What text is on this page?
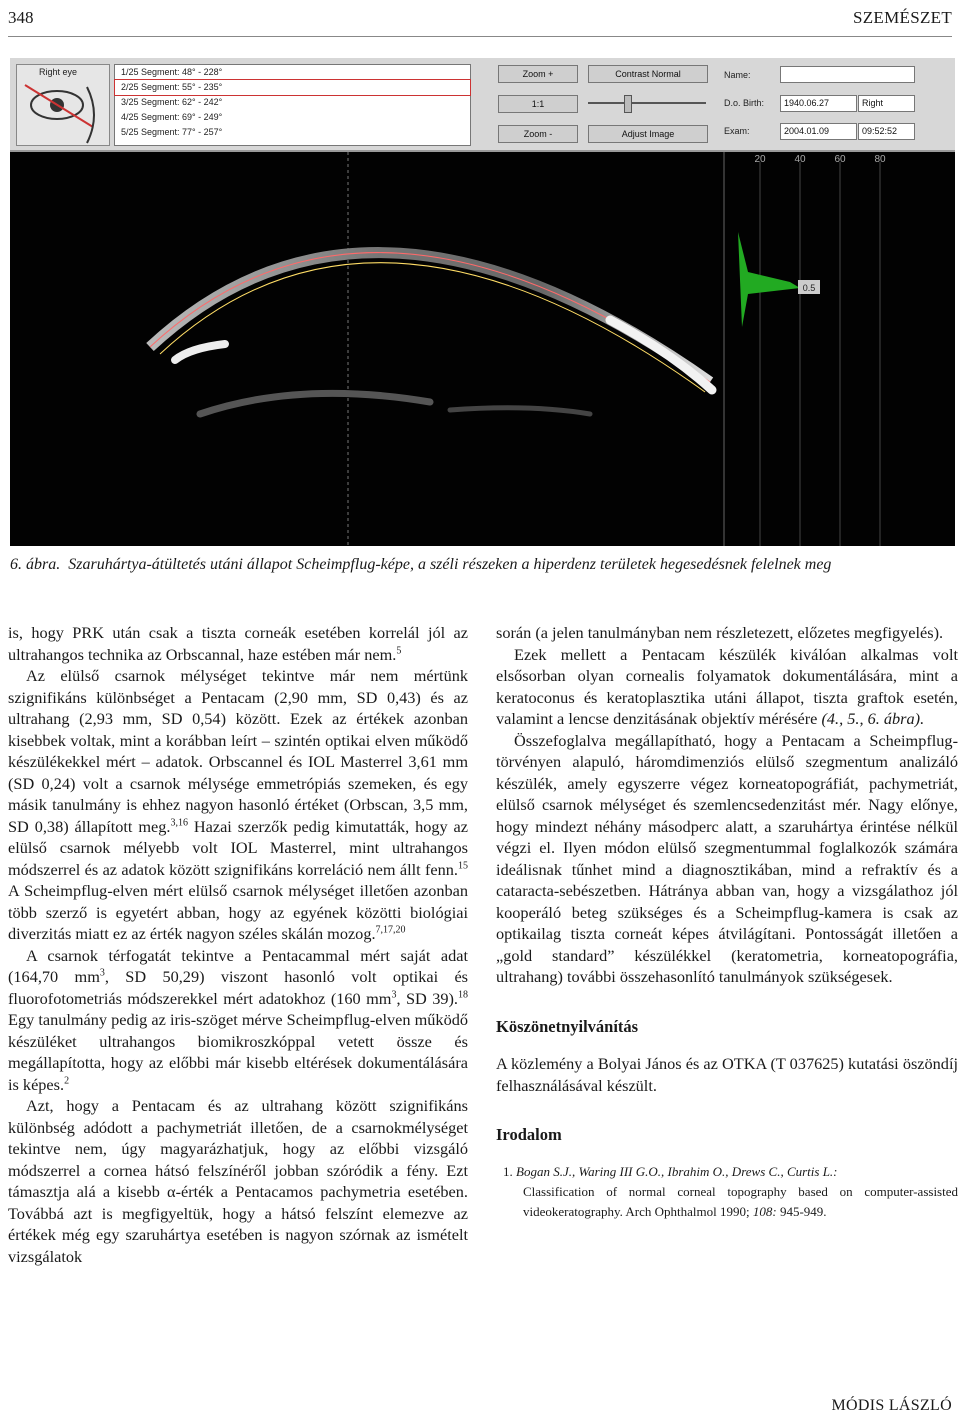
348	SZEMÉSZET
Right eye	1/25 Segment: 48° - 228°
2/25 Segment: 55° - 235°
3/25 Segment: 62° - 242°
4/25 Segment: 69° - 249°
5/25 Segment: 77° - 257°
Zoom +
1:1
Zoom -
Contrast Normal
Adjust Image
Name:
D.o. Birth:	1940.06.27	Right
Exam:	2004.01.09	09:52:52
20	40	60	80
0.5
6. ábra. Szaruhártya-átültetés utáni állapot Scheimpflug-képe, a széli részeken a hiperdenz területek hegesedésnek felelnek meg

is, hogy PRK után csak a tiszta corneák esetében korrelál jól az ultrahangos technika az Orbscannal, haze estében már nem.$^5$

Az elülső csarnok mélységet tekintve már nem mértünk szignifikáns különbséget a Pentacam (2,90 mm, SD 0,43) és az ultrahang (2,93 mm, SD 0,54) között. Ezek az értékek azonban kisebbek voltak, mint a korábban leírt – szintén optikai elven működő készülékekkel mért – adatok. Orbscannel és IOL Masterrel 3,61 mm (SD 0,24) volt a csarnok mélysége emmetrópiás szemeken, és egy másik tanulmány is ehhez nagyon hasonló értéket (Orbscan, 3,5 mm, SD 0,38) állapított meg.$^{3,16}$ Hazai szerzők pedig kimutatták, hogy az elülső csarnok mélyebb volt IOL Masterrel, mint ultrahangos módszerrel és az adatok között szignifikáns korreláció nem állt fenn.$^{15}$ A Scheimpflug-elven mért elülső csarnok mélységet illetően azonban több szerző is egyetért abban, hogy az egyének közötti biológiai diverzitás miatt ez az érték nagyon széles skálán mozog.$^{7,17,20}$

A csarnok térfogatát tekintve a Pentacammal mért saját adat (164,70 $mm^3$, SD 50,29) viszont hasonló volt optikai és fluorofotometriás módszerekkel mért adatokhoz (160 $mm^3$, SD 39).$^{18}$ Egy tanulmány pedig az iris-szöget mérve Scheimpflug-elven működő készüléket ultrahangos biomikroszkóppal vetett össze és megállapította, hogy az előbbi már kisebb eltérések dokumentálására is képes.$^2$

Azt, hogy a Pentacam és az ultrahang között szignifikáns különbség adódott a pachymetriát illetően, de a csarnokmélységet tekintve nem, úgy magyarázhatjuk, hogy az előbbi vizsgáló módszerrel a cornea hátsó felszínéről jobban szóródik a fény. Ezt támasztja alá a kisebb α-érték a Pentacamos pachymetria esetében. Továbbá azt is megfigyeltük, hogy a hátsó felszínt elemezve az értékek még egy szaruhártya esetében is nagyon szórnak az ismételt vizsgálatok

során (a jelen tanulmányban nem részletezett, előzetes megfigyelés).

Ezek mellett a Pentacam készülék kiválóan alkalmas volt elsősorban olyan cornealis folyamatok dokumentálására, mint a keratoconus és keratoplasztika utáni állapot, tiszta graftok esetén, valamint a lencse denzitásának objektív mérésére (4., 5., 6. ábra).

Összefoglalva megállapítható, hogy a Pentacam a Scheimpflug-törvényen alapuló, háromdimenziós elülső szegmentum analizáló készülék, amely egyszerre végez korneatopográfiát, pachymetriát, elülső csarnok mélységet és szemlencsedenzitást mér. Nagy előnye, hogy mindezt néhány másodperc alatt, a szaruhártya érintése nélkül végzi el. Ilyen módon elülső szegmentummal foglalkozók számára ideálisnak tűnhet mind a diagnosztikában, mind a refraktív és a cataracta-sebészetben. Hátránya abban van, hogy a vizsgálathoz jól kooperáló beteg szükséges és a Scheimpflug-kamera is csak az optikailag tiszta corneát képes átvilágítani. Pontosságát illetően a „gold standard” készülékkel (keratometria, korneatopográfia, ultrahang) további összehasonlító tanulmányok szükségesek.

Köszönetnyilvánítás

A közlemény a Bolyai János és az OTKA (T 037625) kutatási öszöndíj felhasználásával készült.

Irodalom
1. Bogan S.J., Waring III G.O., Ibrahim O., Drews C., Curtis L.:
Classification of normal corneal topography based on computer-assisted videokeratography. Arch Ophthalmol 1990; 108: 945-949.
MÓDIS LÁSZLÓ
